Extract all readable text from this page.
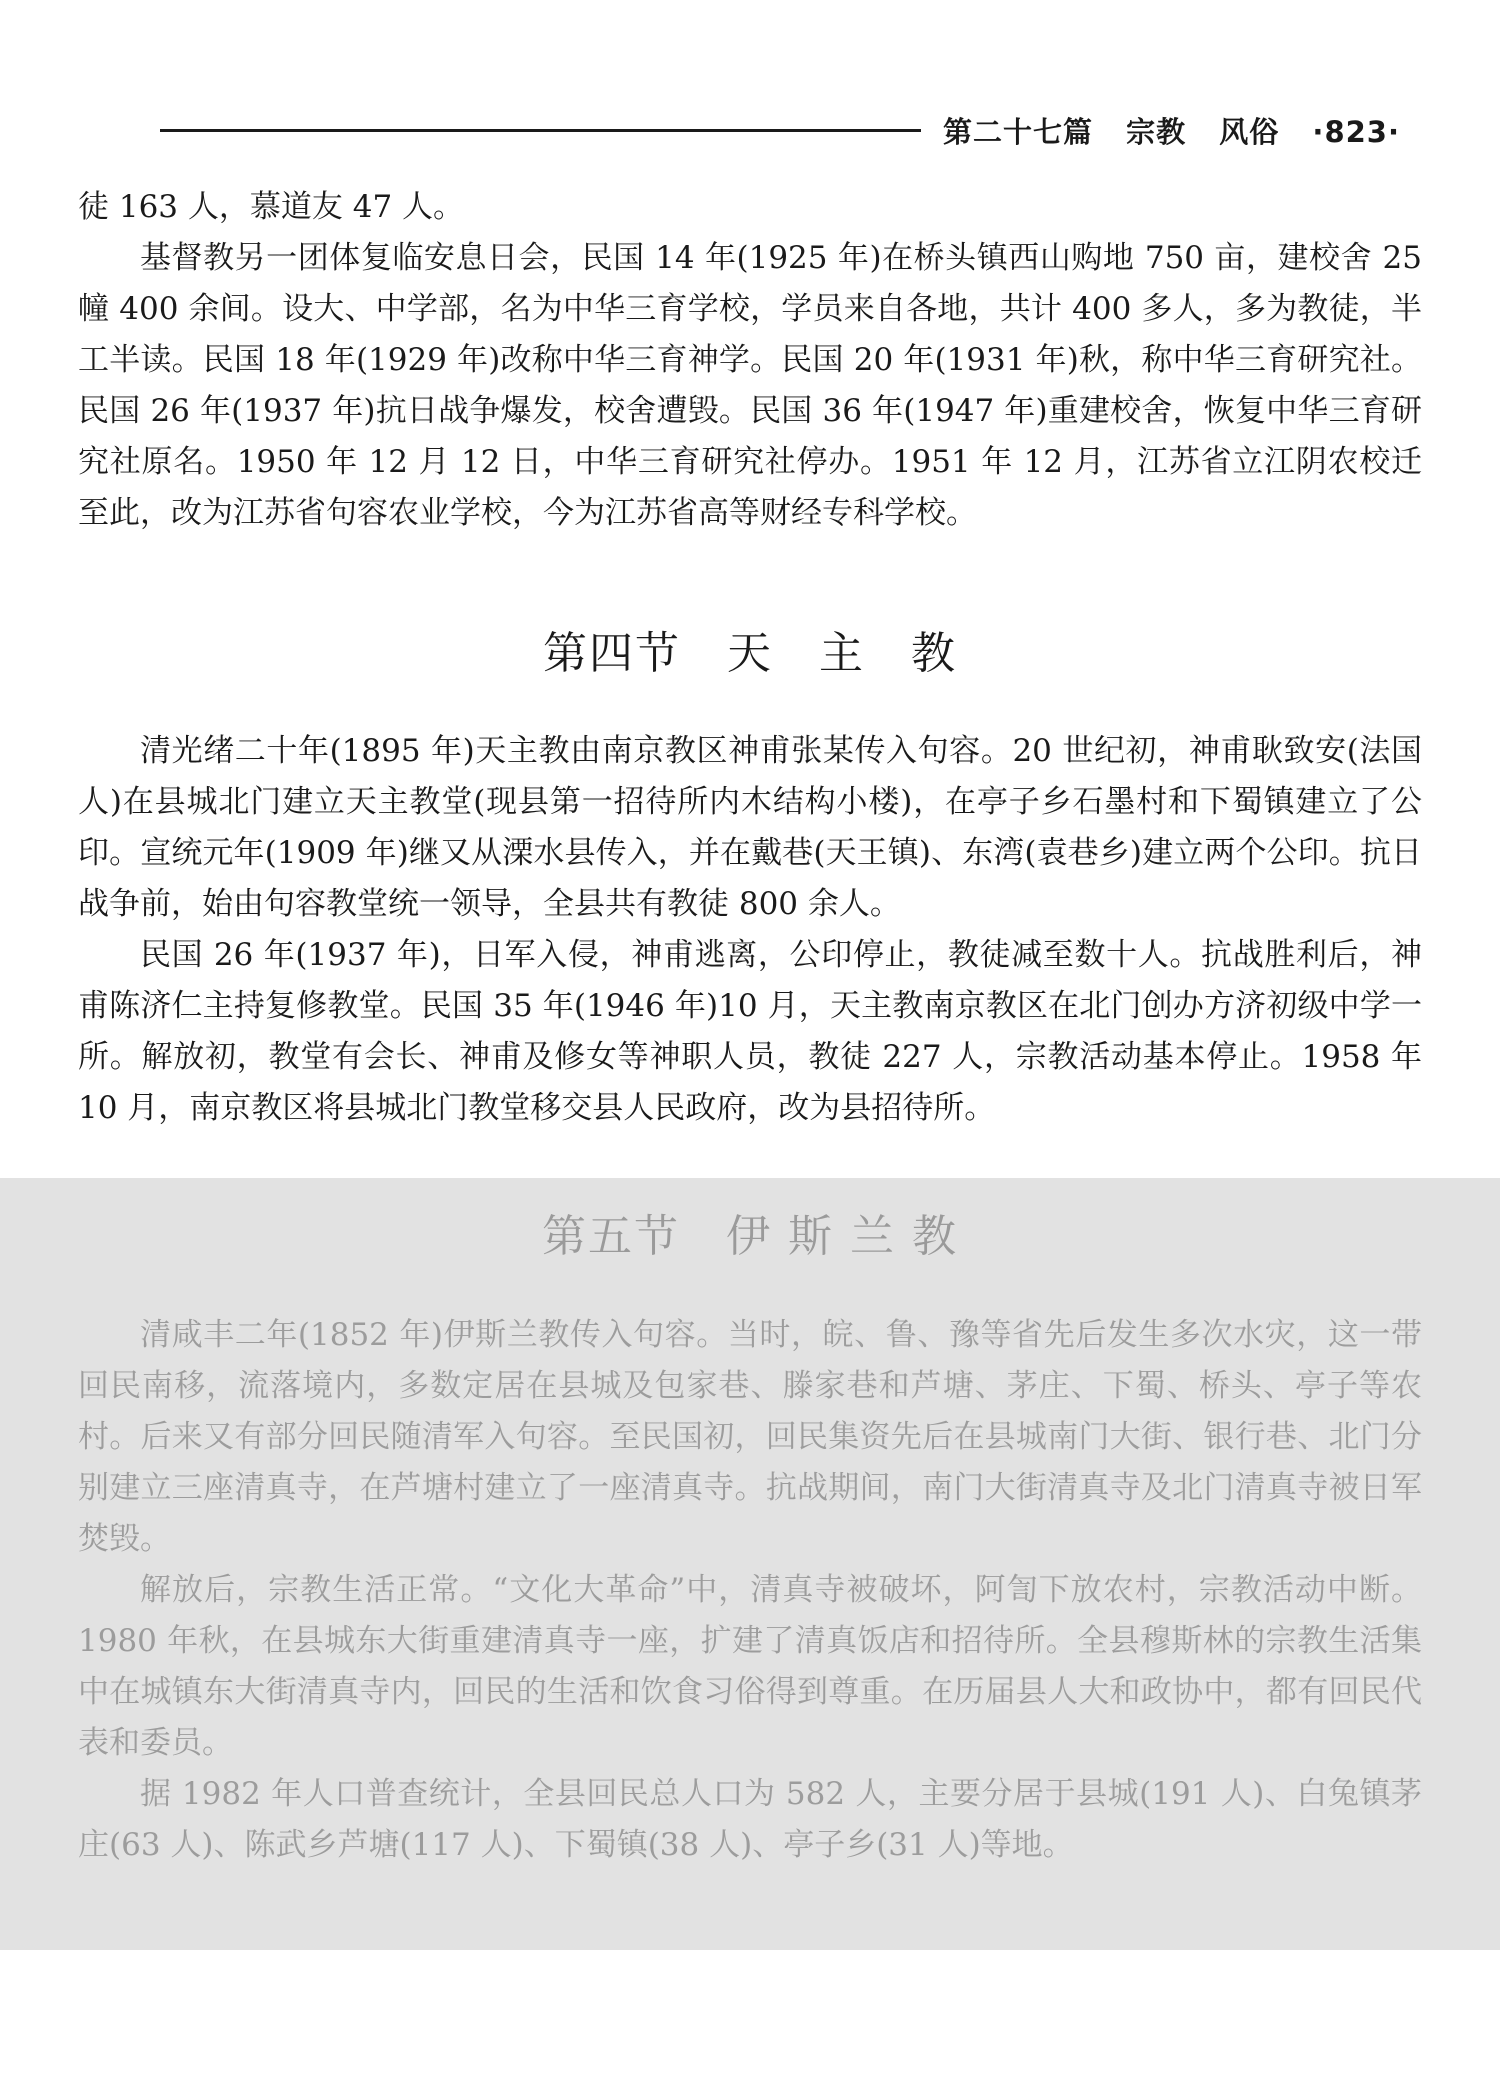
第二十七篇 宗教 风俗 ·823·

徒 163 人，慕道友 47 人。

基督教另一团体复临安息日会，民国 14 年(1925 年)在桥头镇西山购地 750 亩，建校舍 25 幢 400 余间。设大、中学部，名为中华三育学校，学员来自各地，共计 400 多人，多为教徒，半工半读。民国 18 年(1929 年)改称中华三育神学。民国 20 年(1931 年)秋，称中华三育研究社。民国 26 年(1937 年)抗日战争爆发，校舍遭毁。民国 36 年(1947 年)重建校舍，恢复中华三育研究社原名。1950 年 12 月 12 日，中华三育研究社停办。1951 年 12 月，江苏省立江阴农校迁至此，改为江苏省句容农业学校，今为江苏省高等财经专科学校。

第四节　天　主　教

清光绪二十年(1895 年)天主教由南京教区神甫张某传入句容。20 世纪初，神甫耿致安(法国人)在县城北门建立天主教堂(现县第一招待所内木结构小楼)，在亭子乡石墨村和下蜀镇建立了公印。宣统元年(1909 年)继又从溧水县传入，并在戴巷(天王镇)、东湾(袁巷乡)建立两个公印。抗日战争前，始由句容教堂统一领导，全县共有教徒 800 余人。

民国 26 年(1937 年)，日军入侵，神甫逃离，公印停止，教徒减至数十人。抗战胜利后，神甫陈济仁主持复修教堂。民国 35 年(1946 年)10 月，天主教南京教区在北门创办方济初级中学一所。解放初，教堂有会长、神甫及修女等神职人员，教徒 227 人，宗教活动基本停止。1958 年 10 月，南京教区将县城北门教堂移交县人民政府，改为县招待所。

第五节　伊 斯 兰 教

清咸丰二年(1852 年)伊斯兰教传入句容。当时，皖、鲁、豫等省先后发生多次水灾，这一带回民南移，流落境内，多数定居在县城及包家巷、滕家巷和芦塘、茅庄、下蜀、桥头、亭子等农村。后来又有部分回民随清军入句容。至民国初，回民集资先后在县城南门大街、银行巷、北门分别建立三座清真寺，在芦塘村建立了一座清真寺。抗战期间，南门大街清真寺及北门清真寺被日军焚毁。

解放后，宗教生活正常。“文化大革命”中，清真寺被破坏，阿訇下放农村，宗教活动中断。1980 年秋，在县城东大街重建清真寺一座，扩建了清真饭店和招待所。全县穆斯林的宗教生活集中在城镇东大街清真寺内，回民的生活和饮食习俗得到尊重。在历届县人大和政协中，都有回民代表和委员。

据 1982 年人口普查统计，全县回民总人口为 582 人，主要分居于县城(191 人)、白兔镇茅庄(63 人)、陈武乡芦塘(117 人)、下蜀镇(38 人)、亭子乡(31 人)等地。
